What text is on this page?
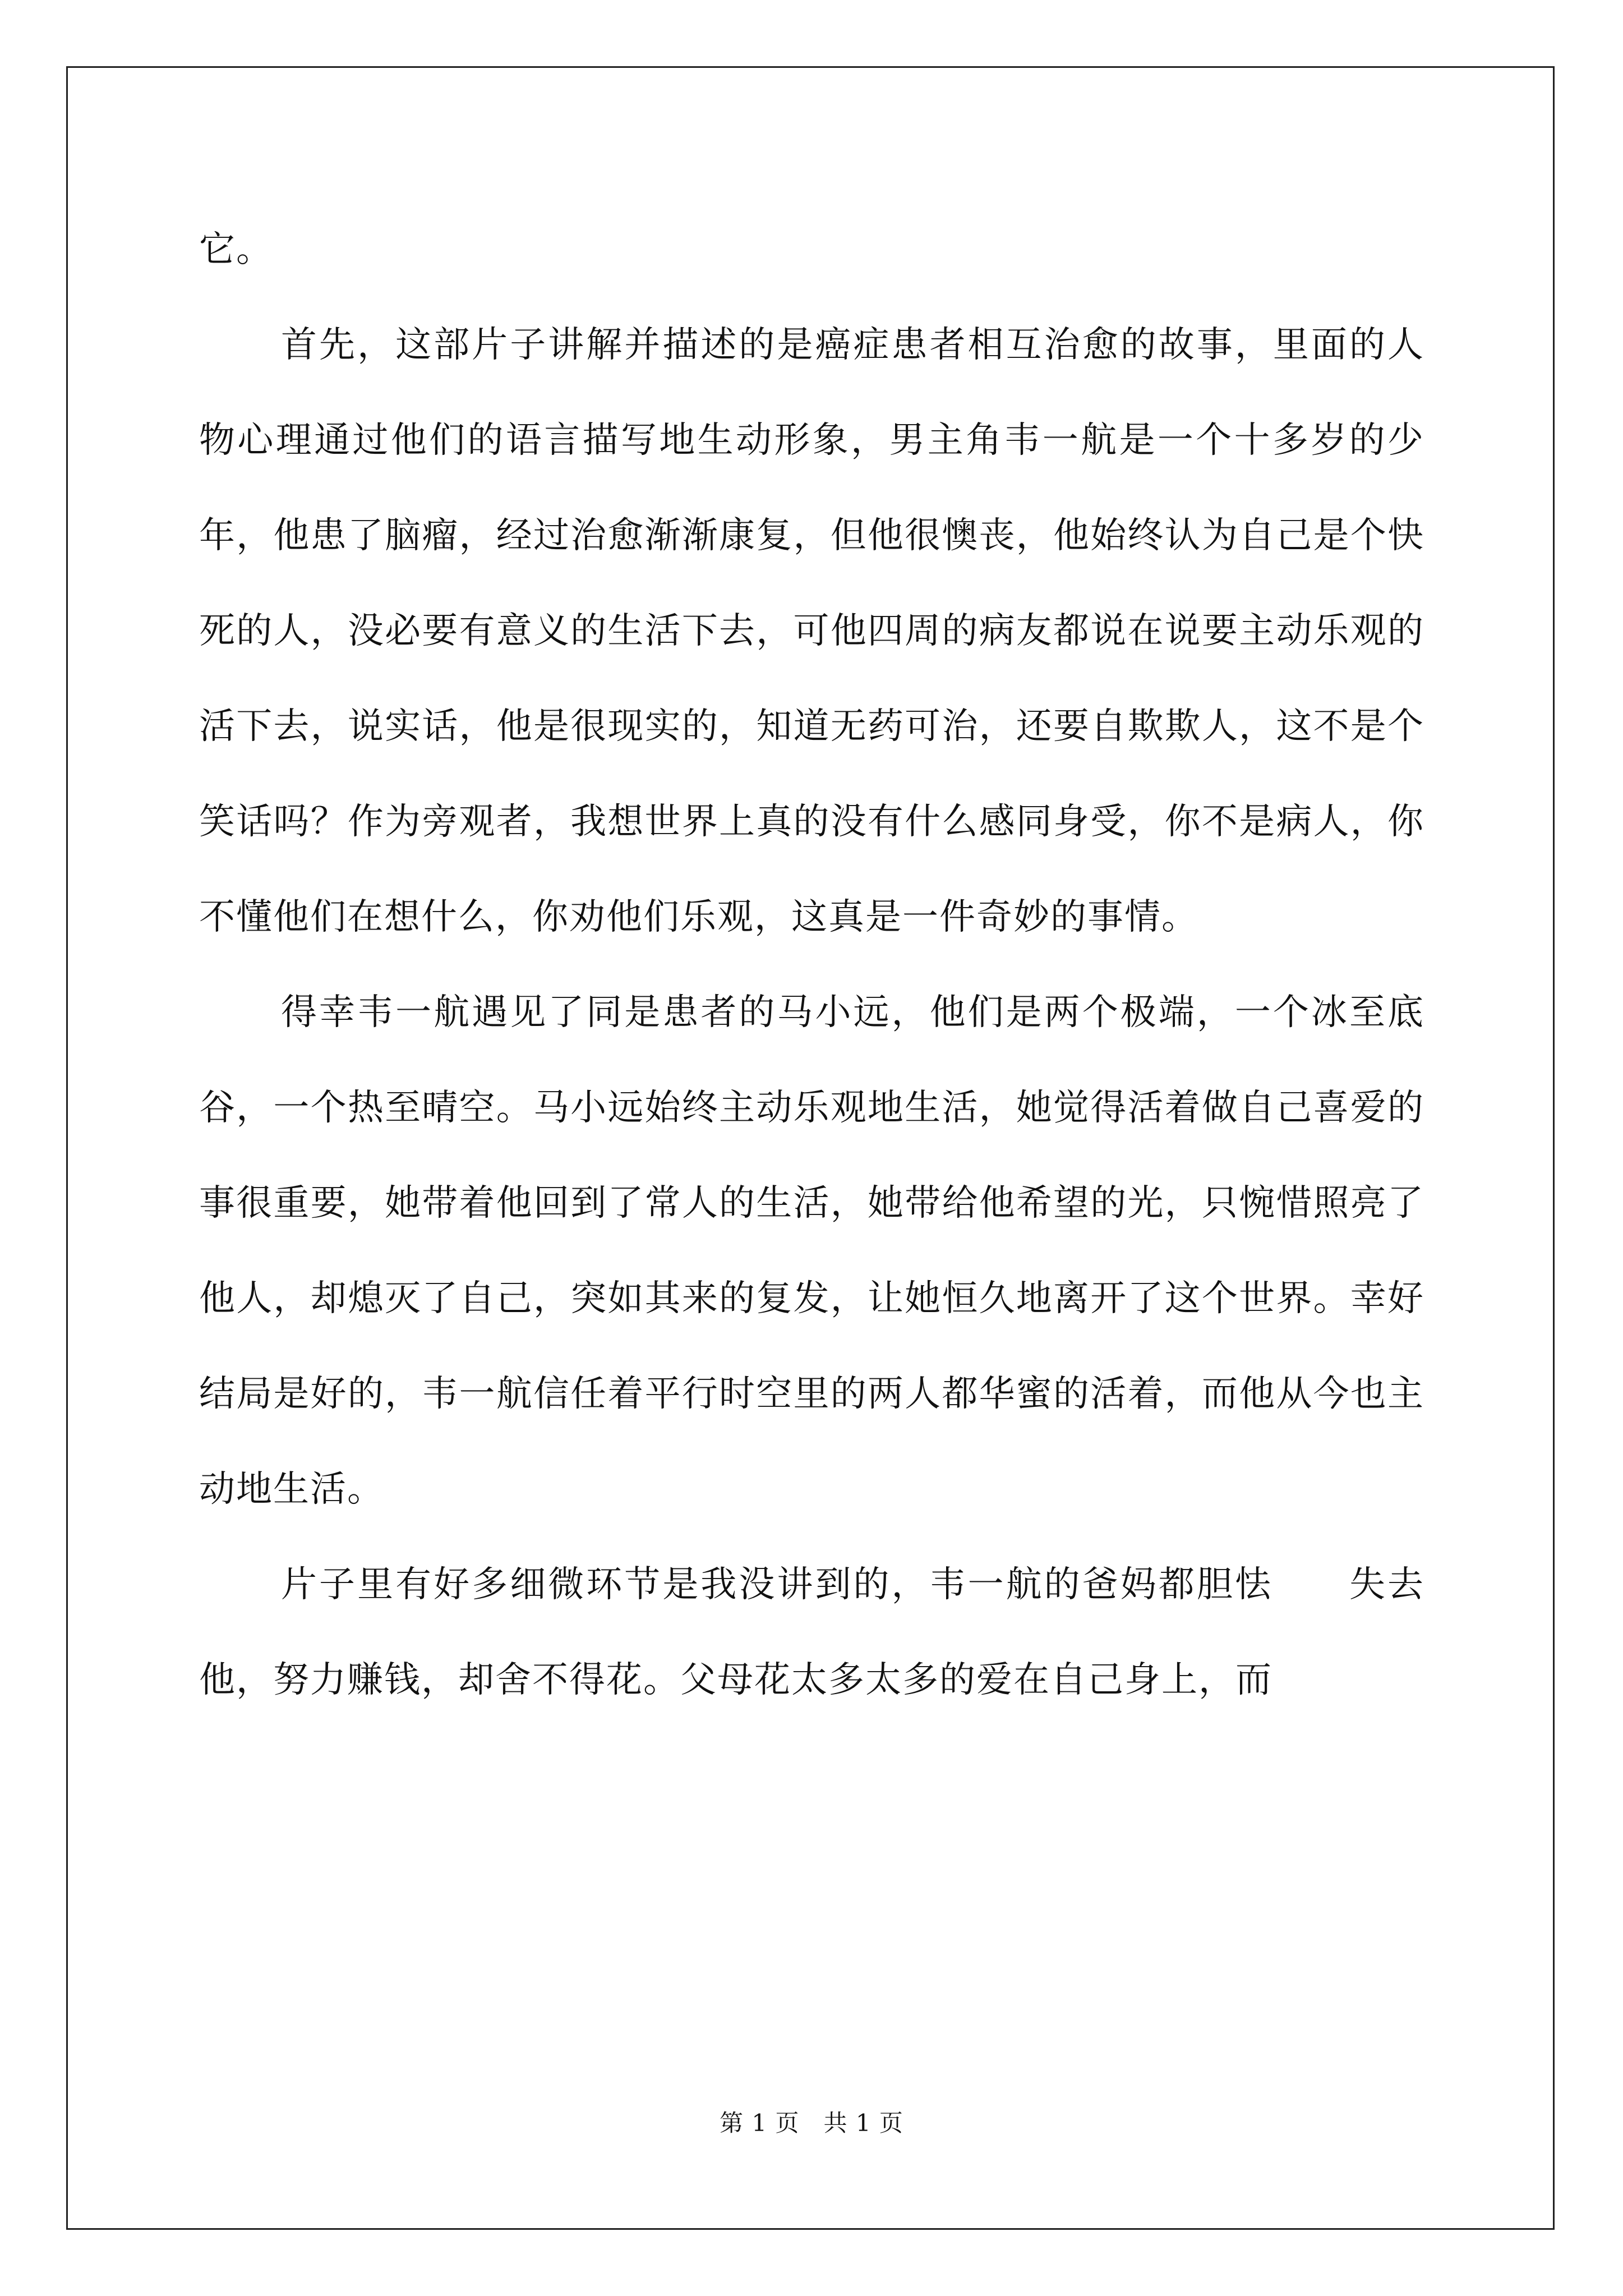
它。

首先，这部片子讲解并描述的是癌症患者相互治愈的故事，里面的人物心理通过他们的语言描写地生动形象，男主角韦一航是一个十多岁的少年，他患了脑瘤，经过治愈渐渐康复，但他很懊丧，他始终认为自己是个快死的人，没必要有意义的生活下去，可他四周的病友都说在说要主动乐观的活下去，说实话，他是很现实的，知道无药可治，还要自欺欺人，这不是个笑话吗？作为旁观者，我想世界上真的没有什么感同身受，你不是病人，你不懂他们在想什么，你劝他们乐观，这真是一件奇妙的事情。

得幸韦一航遇见了同是患者的马小远，他们是两个极端，一个冰至底谷，一个热至晴空。马小远始终主动乐观地生活，她觉得活着做自己喜爱的事很重要，她带着他回到了常人的生活，她带给他希望的光，只惋惜照亮了他人，却熄灭了自己，突如其来的复发，让她恒久地离开了这个世界。幸好结局是好的，韦一航信任着平行时空里的两人都华蜜的活着，而他从今也主动地生活。

片子里有好多细微环节是我没讲到的，韦一航的爸妈都胆怯　　失去他，努力赚钱，却舍不得花。父母花太多太多的爱在自己身上，而

第 1 页　共 1 页
